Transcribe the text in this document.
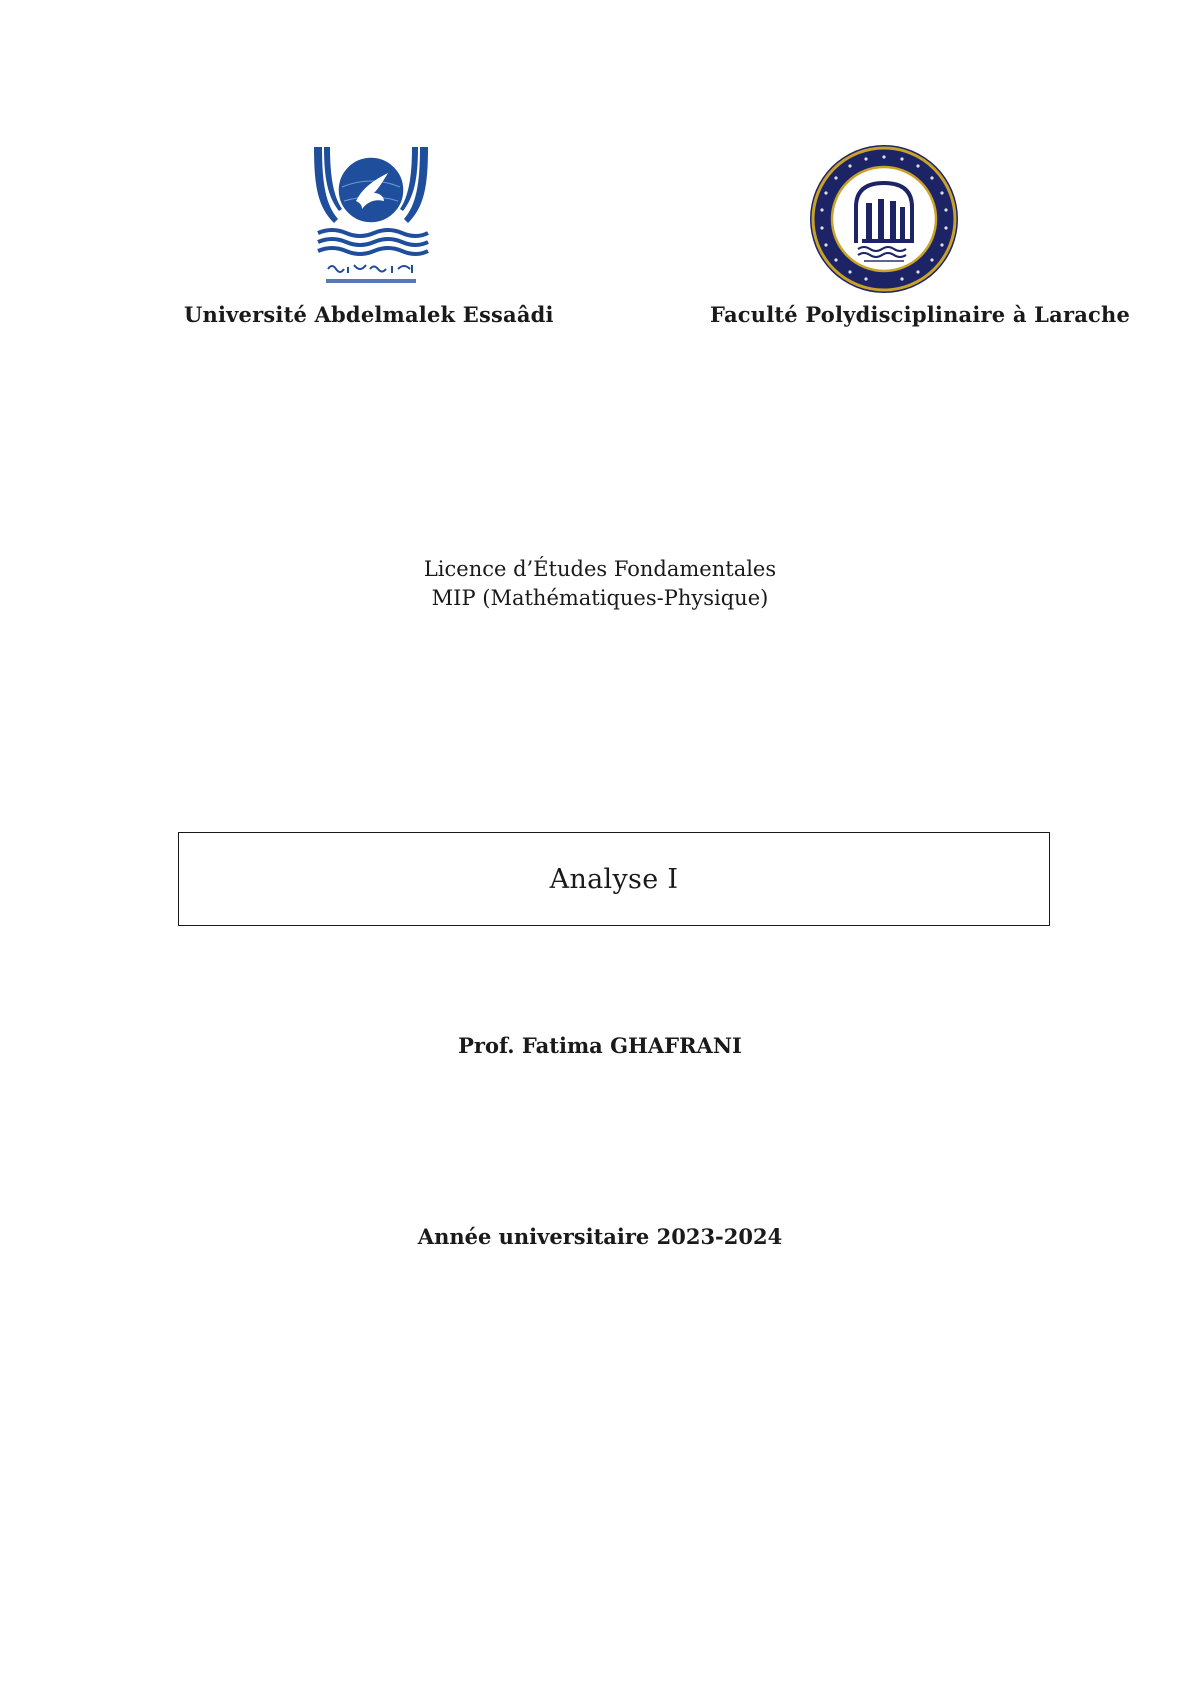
Université Abdelmalek Essaâdi	Faculté Polydisciplinaire à Larache
Licence d’Études Fondamentales
MIP (Mathématiques-Physique)
Analyse I
Prof. Fatima GHAFRANI
Année universitaire 2023-2024
